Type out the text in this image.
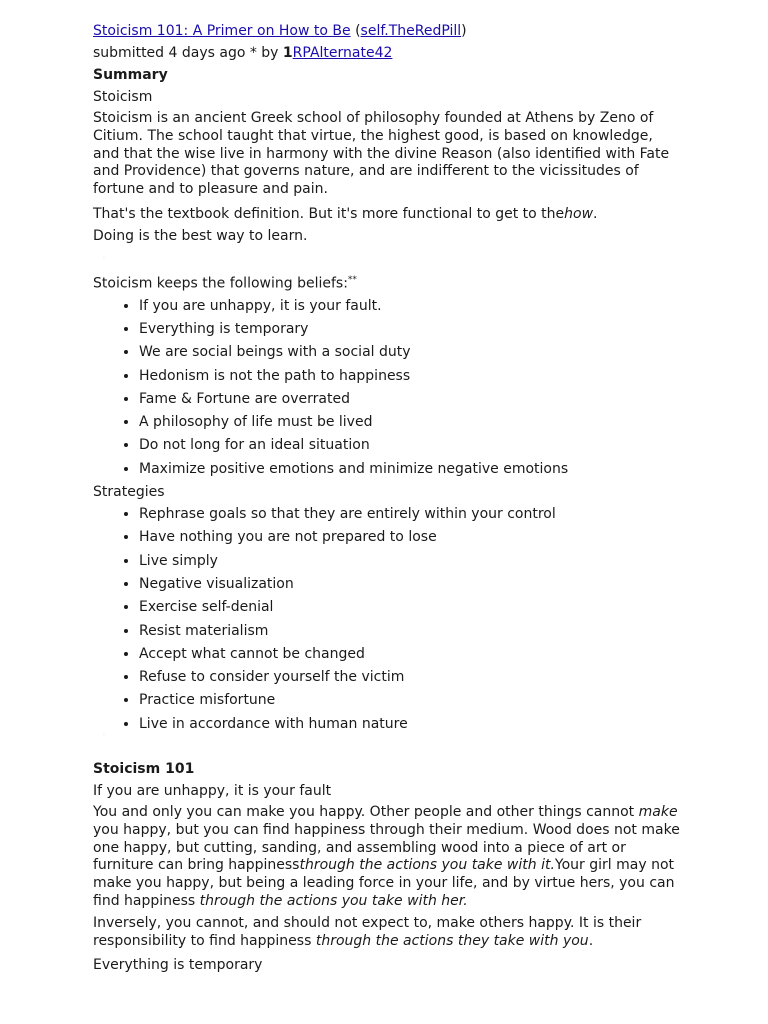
Stoicism 101: A Primer on How to Be (self.TheRedPill)
submitted 4 days ago * by 1RPAlternate42
Summary
Stoicism

Stoicism is an ancient Greek school of philosophy founded at Athens by Zeno of Citium. The school taught that virtue, the highest good, is based on knowledge, and that the wise live in harmony with the divine Reason (also identified with Fate and Providence) that governs nature, and are indifferent to the vicissitudes of fortune and to pleasure and pain.

That's the textbook definition. But it's more functional to get to thehow.
Doing is the best way to learn.
·
Stoicism keeps the following beliefs:**
• If you are unhappy, it is your fault.
• Everything is temporary
• We are social beings with a social duty
• Hedonism is not the path to happiness
• Fame & Fortune are overrated
• A philosophy of life must be lived
• Do not long for an ideal situation
• Maximize positive emotions and minimize negative emotions
Strategies
• Rephrase goals so that they are entirely within your control
• Have nothing you are not prepared to lose
• Live simply
• Negative visualization
• Exercise self-denial
• Resist materialism
• Accept what cannot be changed
• Refuse to consider yourself the victim
• Practice misfortune
• Live in accordance with human nature
·
Stoicism 101
If you are unhappy, it is your fault

You and only you can make you happy. Other people and other things cannot make you happy, but you can find happiness through their medium. Wood does not make one happy, but cutting, sanding, and assembling wood into a piece of art or furniture can bring happinessthrough the actions you take with it.Your girl may not make you happy, but being a leading force in your life, and by virtue hers, you can find happiness through the actions you take with her.

Inversely, you cannot, and should not expect to, make others happy. It is their responsibility to find happiness through the actions they take with you.

Everything is temporary
